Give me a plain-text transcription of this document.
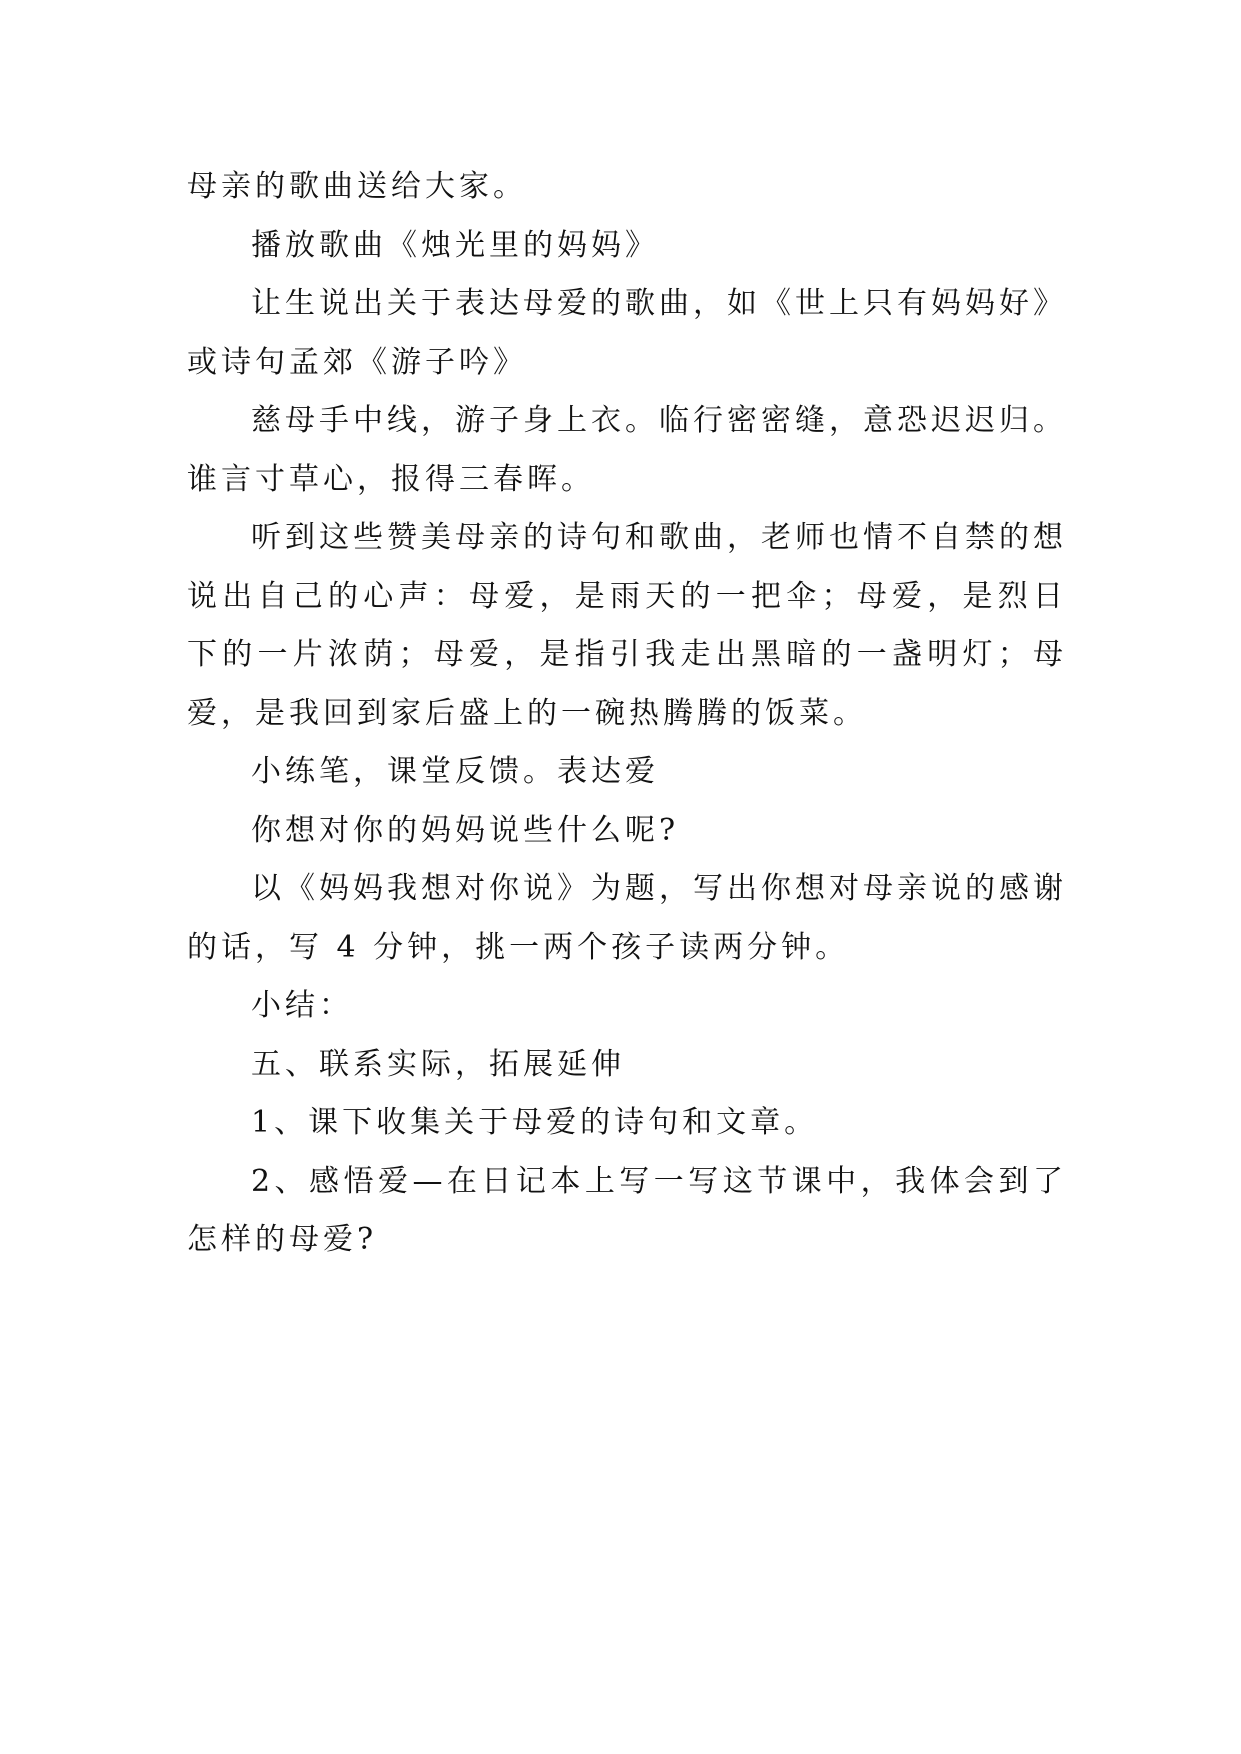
母亲的歌曲送给大家。

播放歌曲《烛光里的妈妈》

让生说出关于表达母爱的歌曲，如《世上只有妈妈好》或诗句孟郊《游子吟》

慈母手中线，游子身上衣。临行密密缝，意恐迟迟归。谁言寸草心，报得三春晖。

听到这些赞美母亲的诗句和歌曲，老师也情不自禁的想说出自己的心声：母爱，是雨天的一把伞；母爱，是烈日下的一片浓荫；母爱，是指引我走出黑暗的一盏明灯；母爱，是我回到家后盛上的一碗热腾腾的饭菜。

小练笔，课堂反馈。表达爱

你想对你的妈妈说些什么呢?

以《妈妈我想对你说》为题，写出你想对母亲说的感谢的话，写 4 分钟，挑一两个孩子读两分钟。

小结：

五、联系实际，拓展延伸

1、课下收集关于母爱的诗句和文章。

2、感悟爱—在日记本上写一写这节课中，我体会到了怎样的母爱?
